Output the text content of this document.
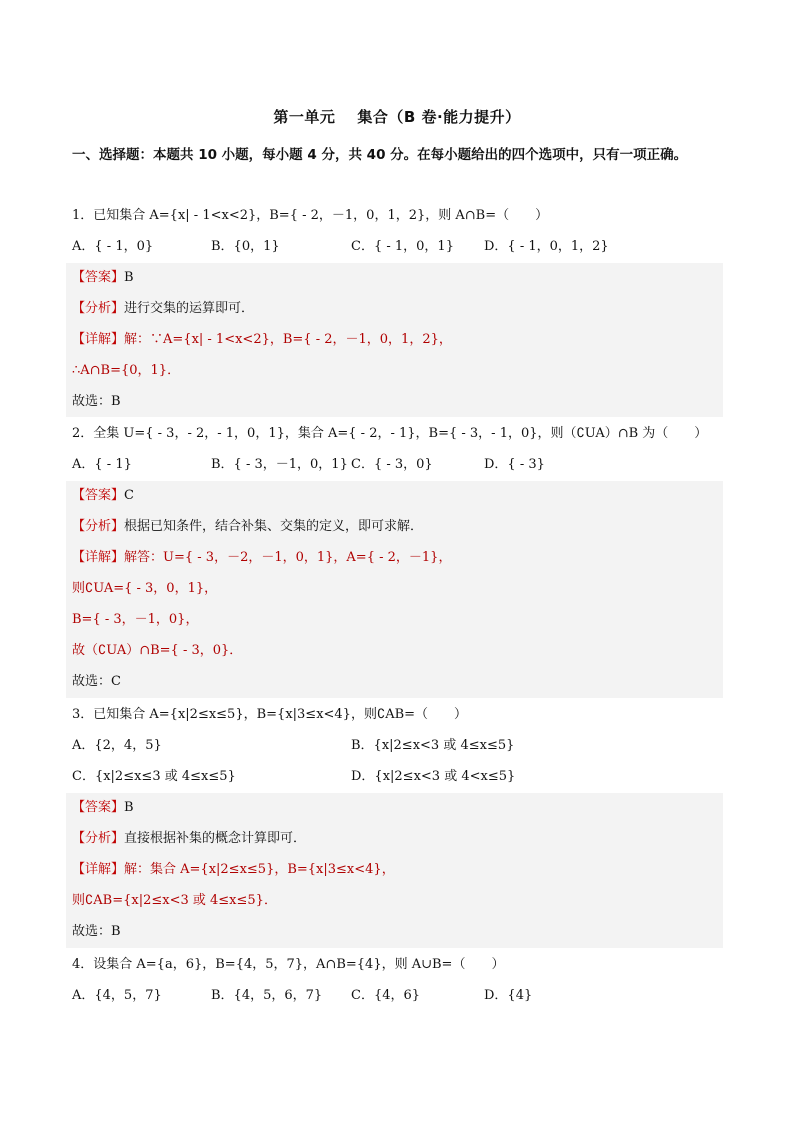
第一单元 集合（B 卷·能力提升）
一、选择题：本题共 10 小题，每小题 4 分，共 40 分。在每小题给出的四个选项中，只有一项正确。
1．已知集合 A={x| - 1<x<2}，B={ - 2，－1，0，1，2}，则 A∩B=（　　）
A．{ - 1，0}	B．{0，1}	C．{ - 1，0，1} D．{ - 1，0，1，2}
【答案】B
【分析】进行交集的运算即可．
【详解】解：∵A={x| - 1<x<2}，B={ - 2，－1，0，1，2}，
∴A∩B={0，1}．
故选：B
2．全集 U={ - 3，- 2，- 1，0，1}，集合 A={ - 2，- 1}，B={ - 3，- 1，0}，则（∁UA）∩B 为（　　）
A．{ - 1}	B．{ - 3，－1，0，1} C．{ - 3，0}	D．{ - 3}
【答案】C
【分析】根据已知条件，结合补集、交集的定义，即可求解．
【详解】解答：U={ - 3，－2，－1，0，1}，A={ - 2，－1}，
则∁UA={ - 3，0，1}，
B={ - 3，－1，0}，
故（∁UA）∩B={ - 3，0}．
故选：C
3．已知集合 A={x|2≤x≤5}，B={x|3≤x<4}，则∁AB=（　　）
A．{2，4，5}	B．{x|2≤x<3 或 4≤x≤5}
C．{x|2≤x≤3 或 4≤x≤5}	D．{x|2≤x<3 或 4<x≤5}
【答案】B
【分析】直接根据补集的概念计算即可．
【详解】解：集合 A={x|2≤x≤5}，B={x|3≤x<4}，
则∁AB={x|2≤x<3 或 4≤x≤5}．
故选：B
4．设集合 A={a，6}，B={4，5，7}，A∩B={4}，则 A∪B=（　　）
A．{4，5，7}	B．{4，5，6，7} C．{4，6}	D．{4}
